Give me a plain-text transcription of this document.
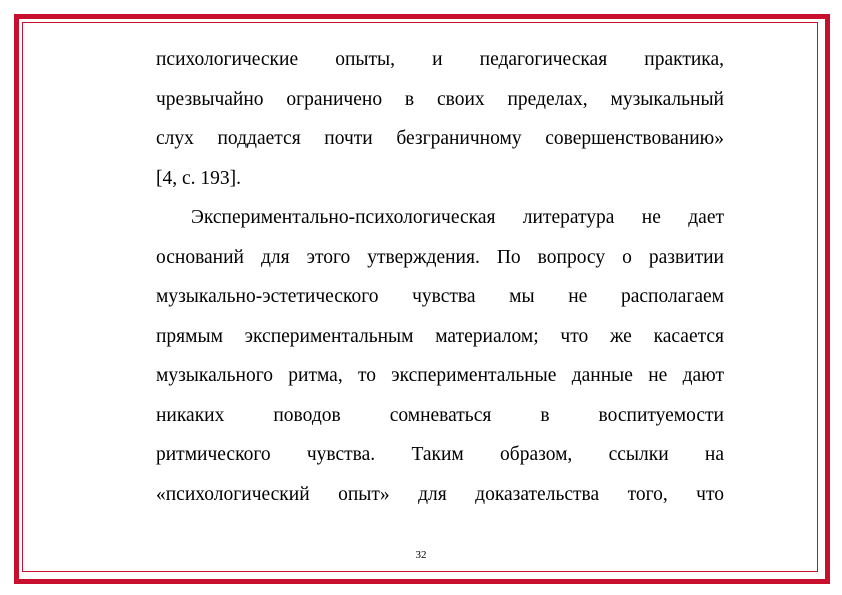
психологические опыты, и педагогическая практика,
чрезвычайно ограничено в своих пределах, музыкальный
слух поддается почти безграничному совершенствованию»
[4, с. 193].
Экспериментально-психологическая литература не дает
оснований для этого утверждения. По вопросу о развитии
музыкально-эстетического чувства мы не располагаем
прямым экспериментальным материалом; что же касается
музыкального ритма, то экспериментальные данные не дают
никаких поводов сомневаться в воспитуемости
ритмического чувства. Таким образом, ссылки на
«психологический опыт» для доказательства того, что
32
